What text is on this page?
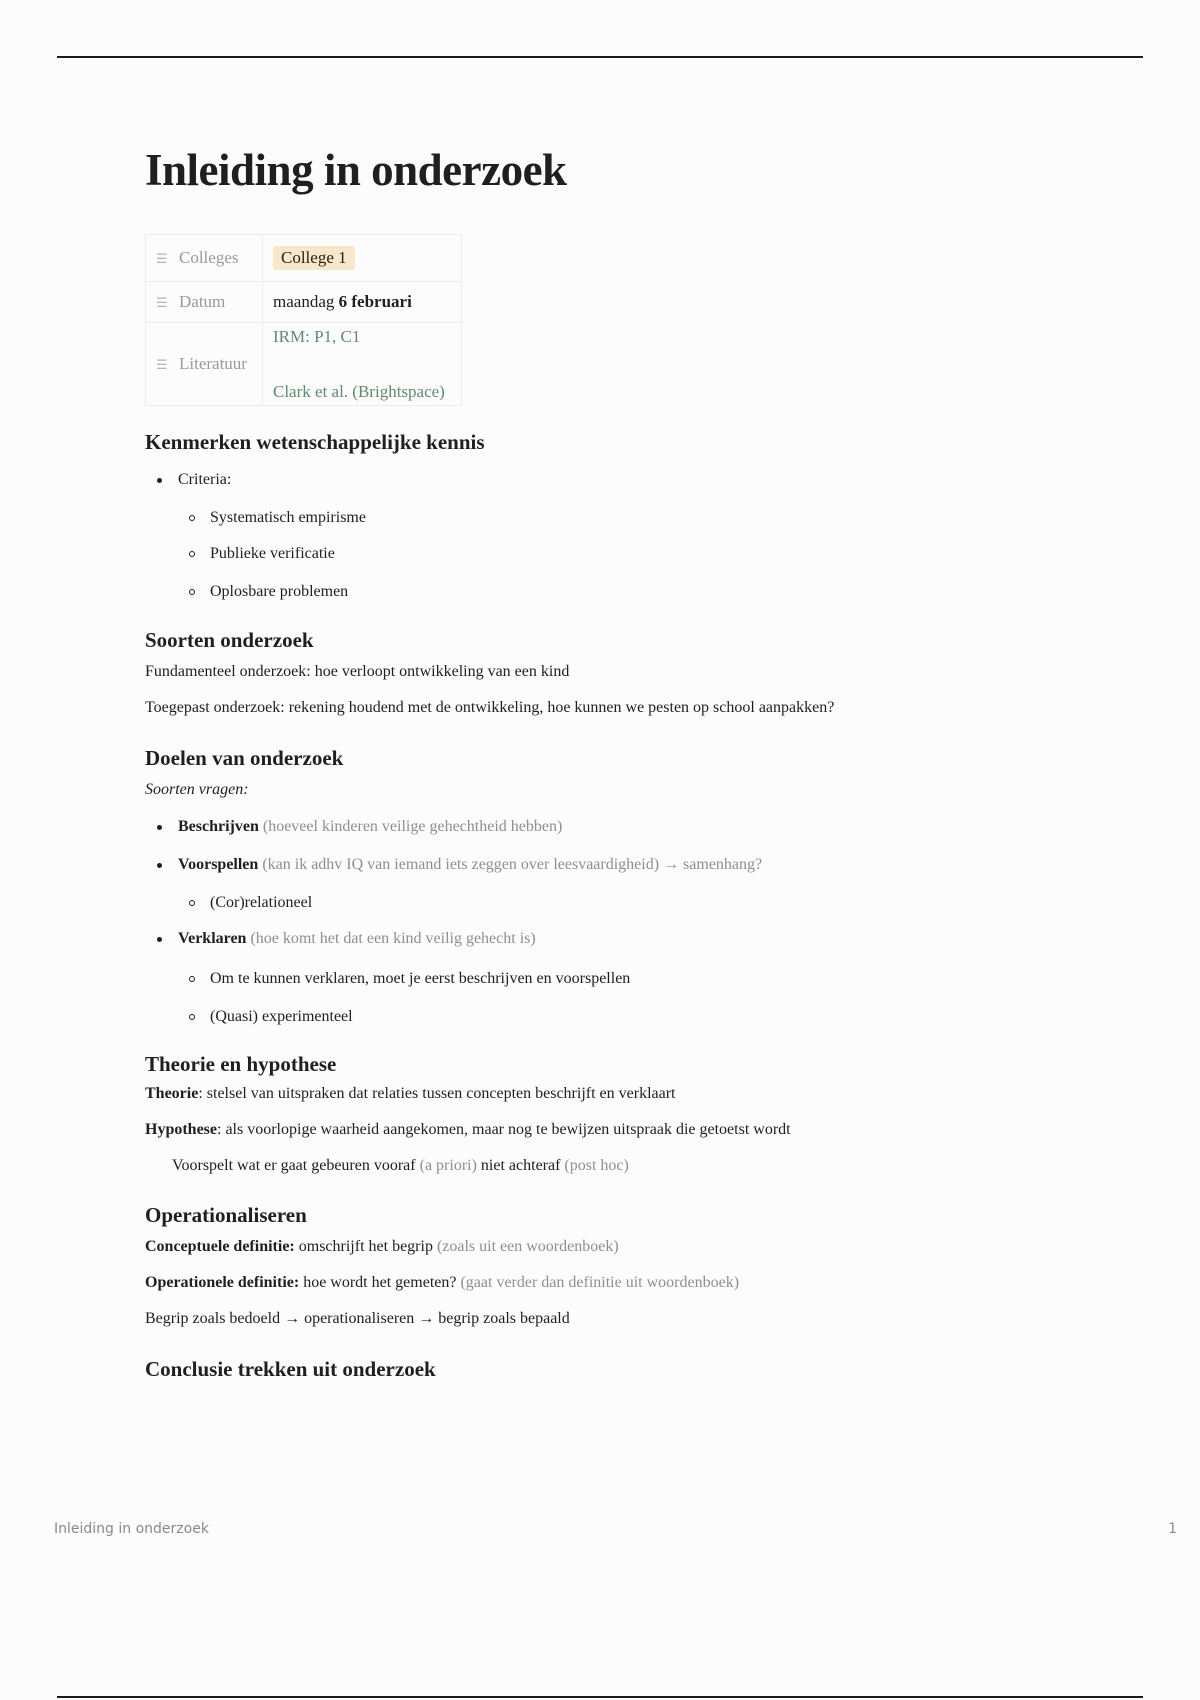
Inleiding in onderzoek
☰ Colleges	College 1
☰ Datum	maandag 6 februari
☰ Literatuur	IRM: P1, C1
Clark et al. (Brightspace)
Kenmerken wetenschappelijke kennis
Criteria:
Systematisch empirisme
Publieke verificatie
Oplosbare problemen
Soorten onderzoek

Fundamenteel onderzoek: hoe verloopt ontwikkeling van een kind

Toegepast onderzoek: rekening houdend met de ontwikkeling, hoe kunnen we pesten op school aanpakken?

Doelen van onderzoek

Soorten vragen:

Beschrijven (hoeveel kinderen veilige gehechtheid hebben)
Voorspellen (kan ik adhv IQ van iemand iets zeggen over leesvaardigheid) → samenhang?
(Cor)relationeel
Verklaren (hoe komt het dat een kind veilig gehecht is)
Om te kunnen verklaren, moet je eerst beschrijven en voorspellen
(Quasi) experimenteel
Theorie en hypothese

Theorie: stelsel van uitspraken dat relaties tussen concepten beschrijft en verklaart

Hypothese: als voorlopige waarheid aangekomen, maar nog te bewijzen uitspraak die getoetst wordt

Voorspelt wat er gaat gebeuren vooraf (a priori) niet achteraf (post hoc)

Operationaliseren

Conceptuele definitie: omschrijft het begrip (zoals uit een woordenboek)

Operationele definitie: hoe wordt het gemeten? (gaat verder dan definitie uit woordenboek)

Begrip zoals bedoeld → operationaliseren → begrip zoals bepaald

Conclusie trekken uit onderzoek
Inleiding in onderzoek	1
